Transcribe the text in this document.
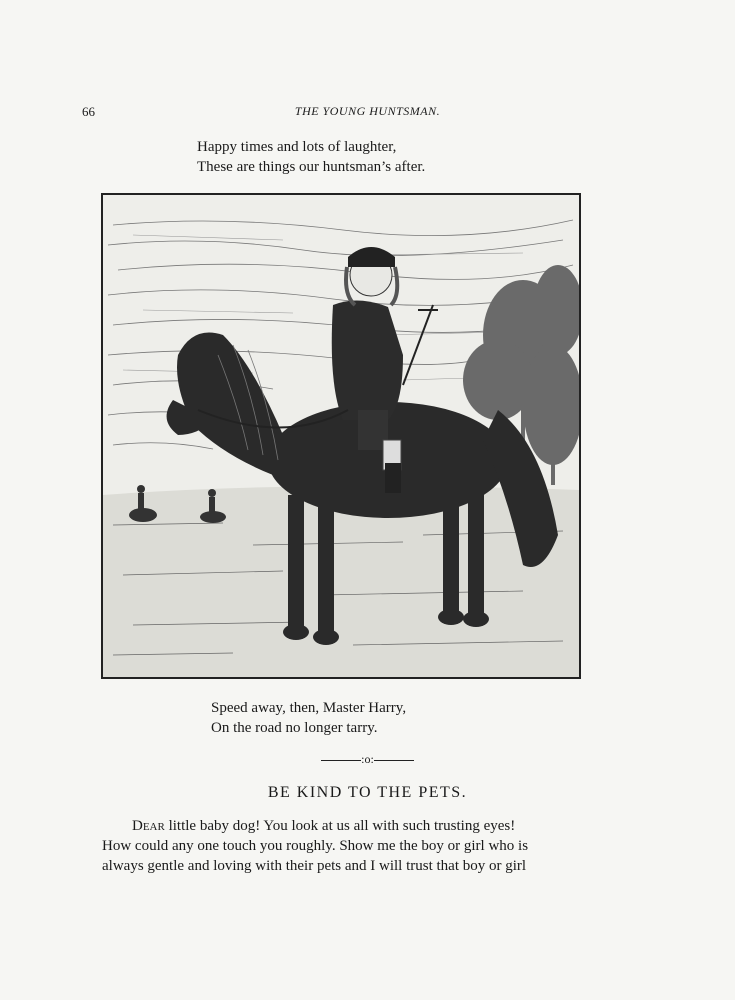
66	THE YOUNG HUNTSMAN.
Happy times and lots of laughter,
These are things our huntsman’s after.
Speed away, then, Master Harry,
On the road no longer tarry.
:o:
BE KIND TO THE PETS.
Dear little baby dog! You look at us all with such trusting eyes!
How could any one touch you roughly. Show me the boy or girl who is
always gentle and loving with their pets and I will trust that boy or girl
